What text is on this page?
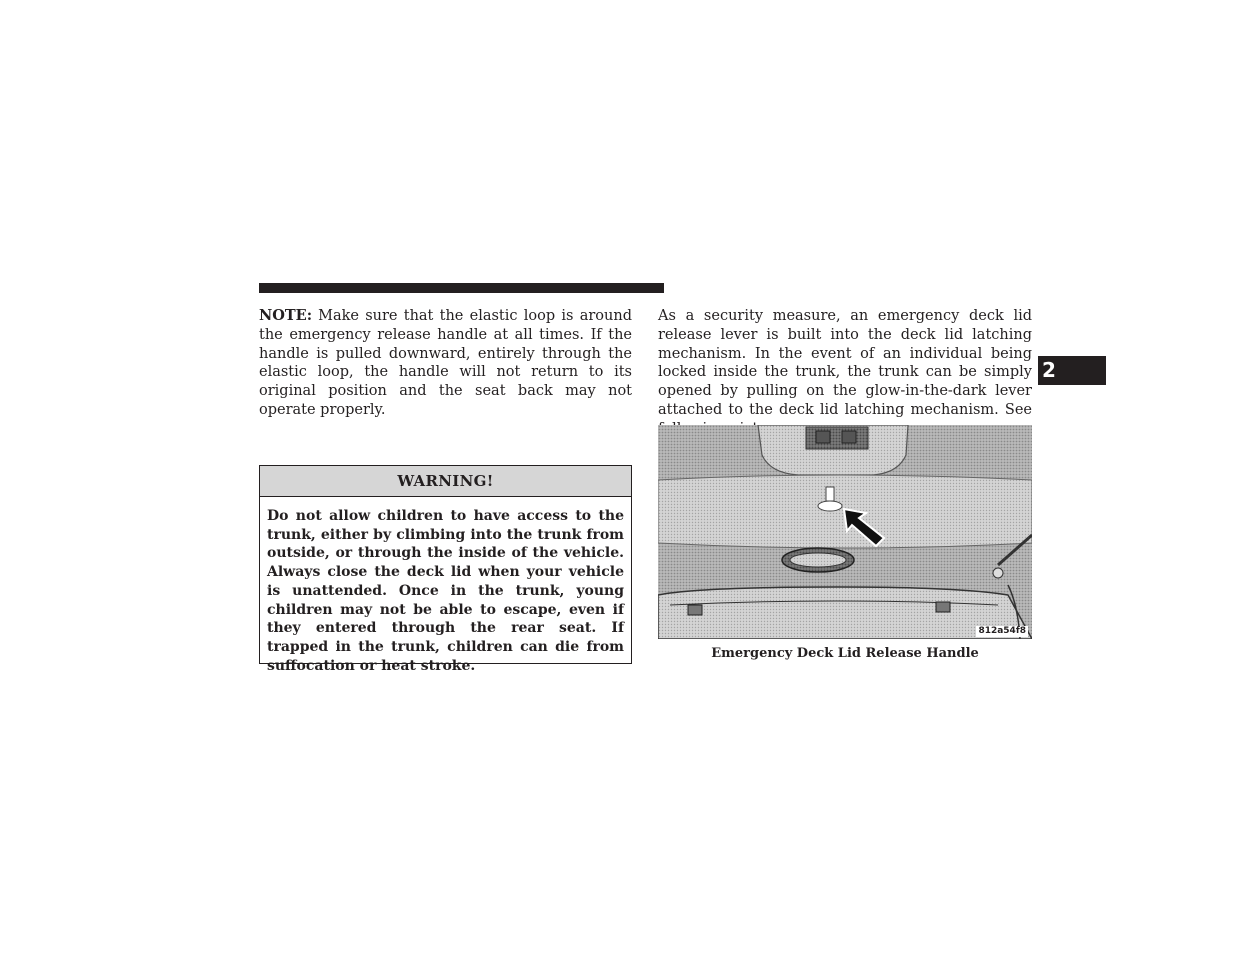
NOTE: Make sure that the elastic loop is around the emergency release handle at all times. If the handle is pulled downward, entirely through the elastic loop, the handle will not return to its original position and the seat back may not operate properly.
WARNING!
Do not allow children to have access to the trunk, either by climbing into the trunk from outside, or through the inside of the vehicle. Always close the deck lid when your vehicle is unattended. Once in the trunk, young children may not be able to escape, even if they entered through the rear seat. If trapped in the trunk, children can die from suffocation or heat stroke.
As a security measure, an emergency deck lid release lever is built into the deck lid latching mechanism. In the event of an individual being locked inside the trunk, the trunk can be simply opened by pulling on the glow-in-the-dark lever attached to the deck lid latching mechanism. See
812a54f8
Emergency Deck Lid Release Handle
2
